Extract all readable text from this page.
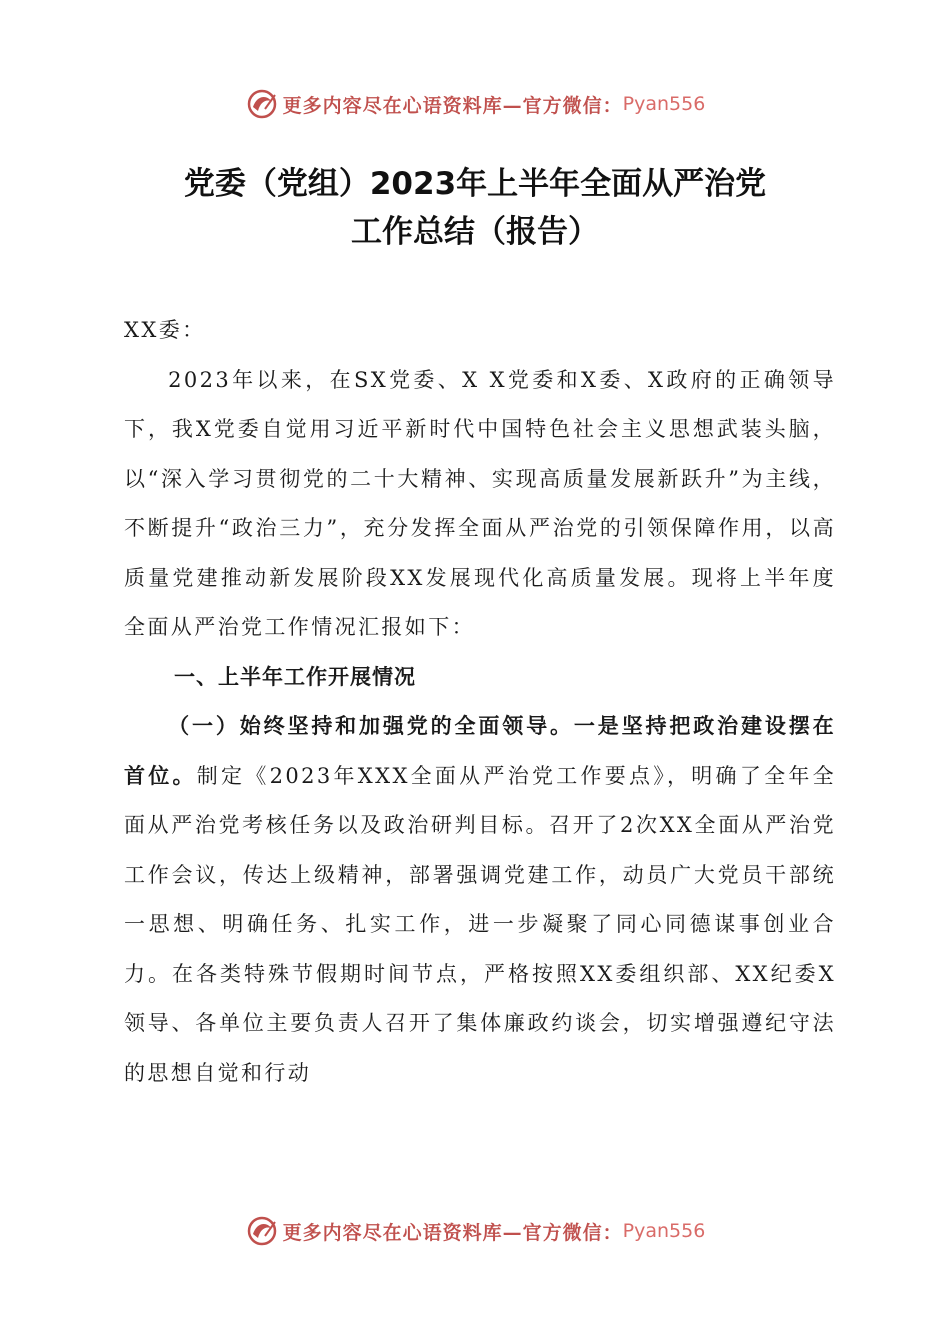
更多内容尽在心语资料库—官方微信： Pyan556
党委（党组）2023年上半年全面从严治党
工作总结（报告）

XX委：

2023年以来，在SX党委、X X党委和X委、X政府的正确领导下，我X党委自觉用习近平新时代中国特色社会主义思想武装头脑，以“深入学习贯彻党的二十大精神、实现高质量发展新跃升”为主线，不断提升“政治三力”，充分发挥全面从严治党的引领保障作用，以高质量党建推动新发展阶段XX发展现代化高质量发展。现将上半年度全面从严治党工作情况汇报如下：

一、上半年工作开展情况

（一）始终坚持和加强党的全面领导。一是坚持把政治建设摆在首位。制定《2023年XXX全面从严治党工作要点》，明确了全年全面从严治党考核任务以及政治研判目标。召开了2次XX全面从严治党工作会议，传达上级精神，部署强调党建工作，动员广大党员干部统一思想、明确任务、扎实工作，进一步凝聚了同心同德谋事创业合力。在各类特殊节假期时间节点，严格按照XX委组织部、XX纪委X领导、各单位主要负责人召开了集体廉政约谈会，切实增强遵纪守法的思想自觉和行动

更多内容尽在心语资料库—官方微信： Pyan556
